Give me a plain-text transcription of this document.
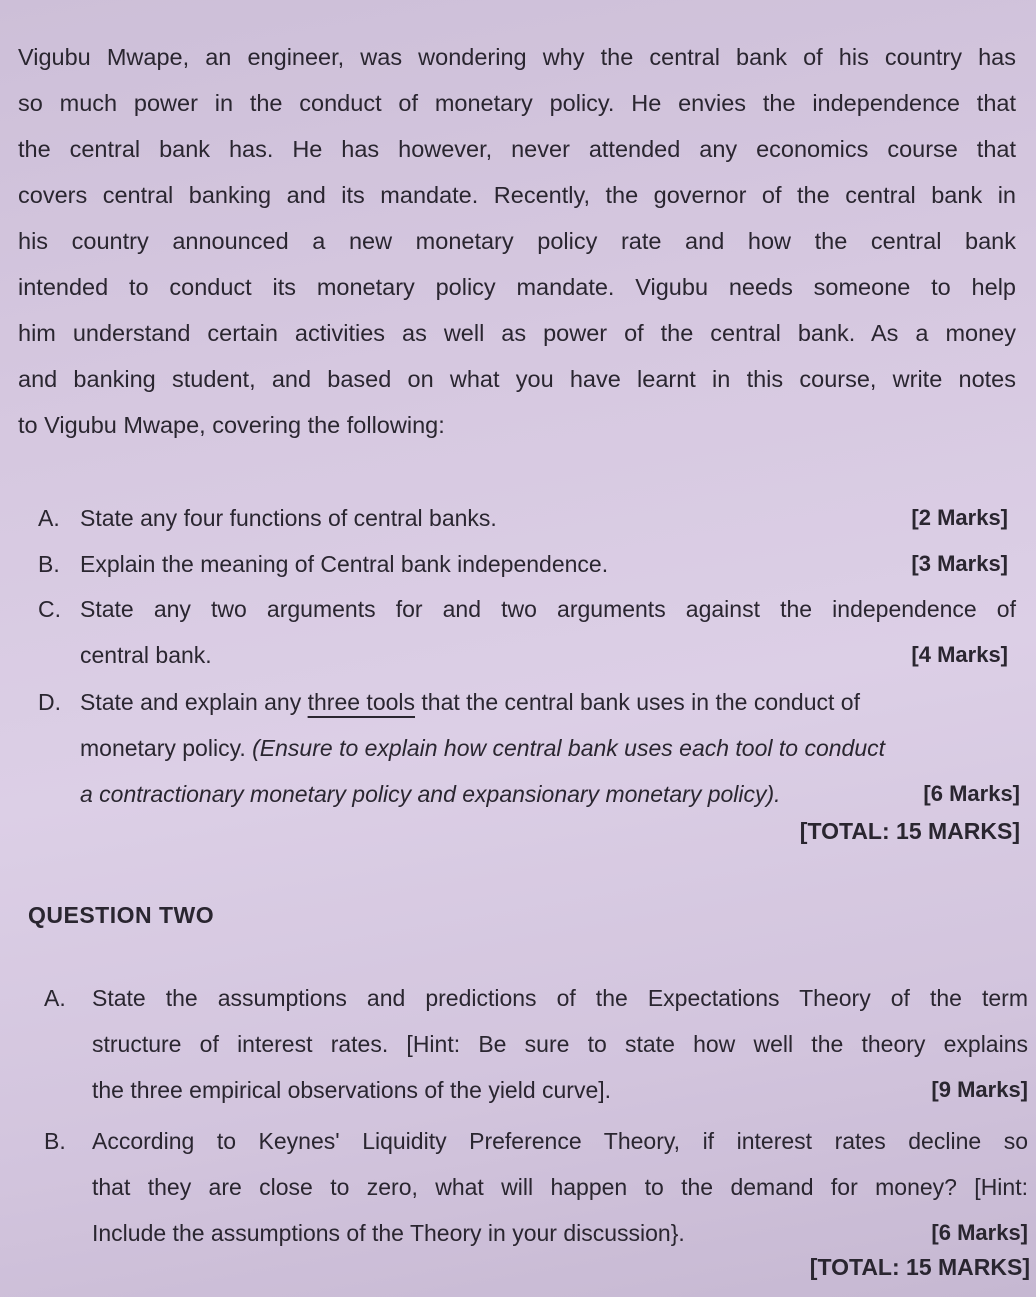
Vigubu Mwape, an engineer, was wondering why the central bank of his country has
so much power in the conduct of monetary policy. He envies the independence that
the central bank has. He has however, never attended any economics course that
covers central banking and its mandate. Recently, the governor of the central bank in
his country announced a new monetary policy rate and how the central bank
intended to conduct its monetary policy mandate. Vigubu needs someone to help
him understand certain activities as well as power of the central bank. As a money
and banking student, and based on what you have learnt in this course, write notes
to Vigubu Mwape, covering the following:
A. State any four functions of central banks.	[2 Marks]
B. Explain the meaning of Central bank independence.	[3 Marks]
C. State any two arguments for and two arguments against the independence of
central bank.	[4 Marks]
D. State and explain any three tools that the central bank uses in the conduct of
monetary policy. (Ensure to explain how central bank uses each tool to conduct
a contractionary monetary policy and expansionary monetary policy).	[6 Marks]
[TOTAL: 15 MARKS]
QUESTION TWO
A. State the assumptions and predictions of the Expectations Theory of the term
structure of interest rates. [Hint: Be sure to state how well the theory explains
the three empirical observations of the yield curve].	[9 Marks]
B. According to Keynes' Liquidity Preference Theory, if interest rates decline so
that they are close to zero, what will happen to the demand for money? [Hint:
Include the assumptions of the Theory in your discussion}.	[6 Marks]
[TOTAL: 15 MARKS]
